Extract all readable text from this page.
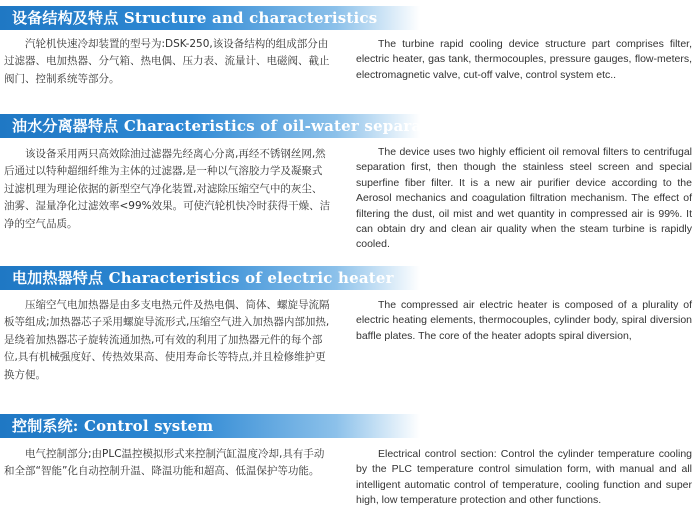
设备结构及特点 Structure and characteristics

汽轮机快速冷却装置的型号为:DSK-250,该设备结构的组成部分由过滤器、电加热器、分气箱、热电偶、压力表、流量计、电磁阀、截止阀门、控制系统等部分。

The turbine rapid cooling device structure part comprises filter, electric heater, gas tank, thermocouples, pressure gauges, flow-meters, electromagnetic valve, cut-off valve, control system etc..

油水分离器特点 Characteristics of oil-water separator

该设备采用两只高效除油过滤器先经离心分离,再经不锈钢丝网,然后通过以特种超细纤维为主体的过滤器,是一种以气溶胶力学及凝聚式过滤机理为理论依据的新型空气净化装置,对滤除压缩空气中的灰尘、油雾、湿量净化过滤效率<99%效果。可使汽轮机快冷时获得干燥、洁净的空气品质。

The device uses two highly efficient oil removal filters to centrifugal separation first, then though the stainless steel screen and special superfine fiber filter. It is a new air purifier device according to the Aerosol mechanics and coagulation filtration mechanism. The effect of filtering the dust, oil mist and wet quantity in compressed air is 99%. It can obtain dry and clean air quality when the steam turbine is rapidly cooled.

电加热器特点 Characteristics of electric heater

压缩空气电加热器是由多支电热元件及热电偶、筒体、螺旋导流隔板等组成;加热器芯子采用螺旋导流形式,压缩空气进入加热器内部加热,是绕着加热器芯子旋转流通加热,可有效的利用了加热器元件的每个部位,具有机械强度好、传热效果高、使用寿命长等特点,并且检修维护更换方便。

The compressed air electric heater is composed of a plurality of electric heating elements, thermocouples, cylinder body, spiral diversion baffle plates. The core of the heater adopts spiral diversion,

控制系统: Control system

电气控制部分;由PLC温控模拟形式来控制汽缸温度冷却,具有手动和全部“智能”化自动控制升温、降温功能和超高、低温保护等功能。

Electrical control section: Control the cylinder temperature cooling by the PLC temperature control simulation form, with manual and all intelligent automatic control of temperature, cooling function and super high, low temperature protection and other functions.
